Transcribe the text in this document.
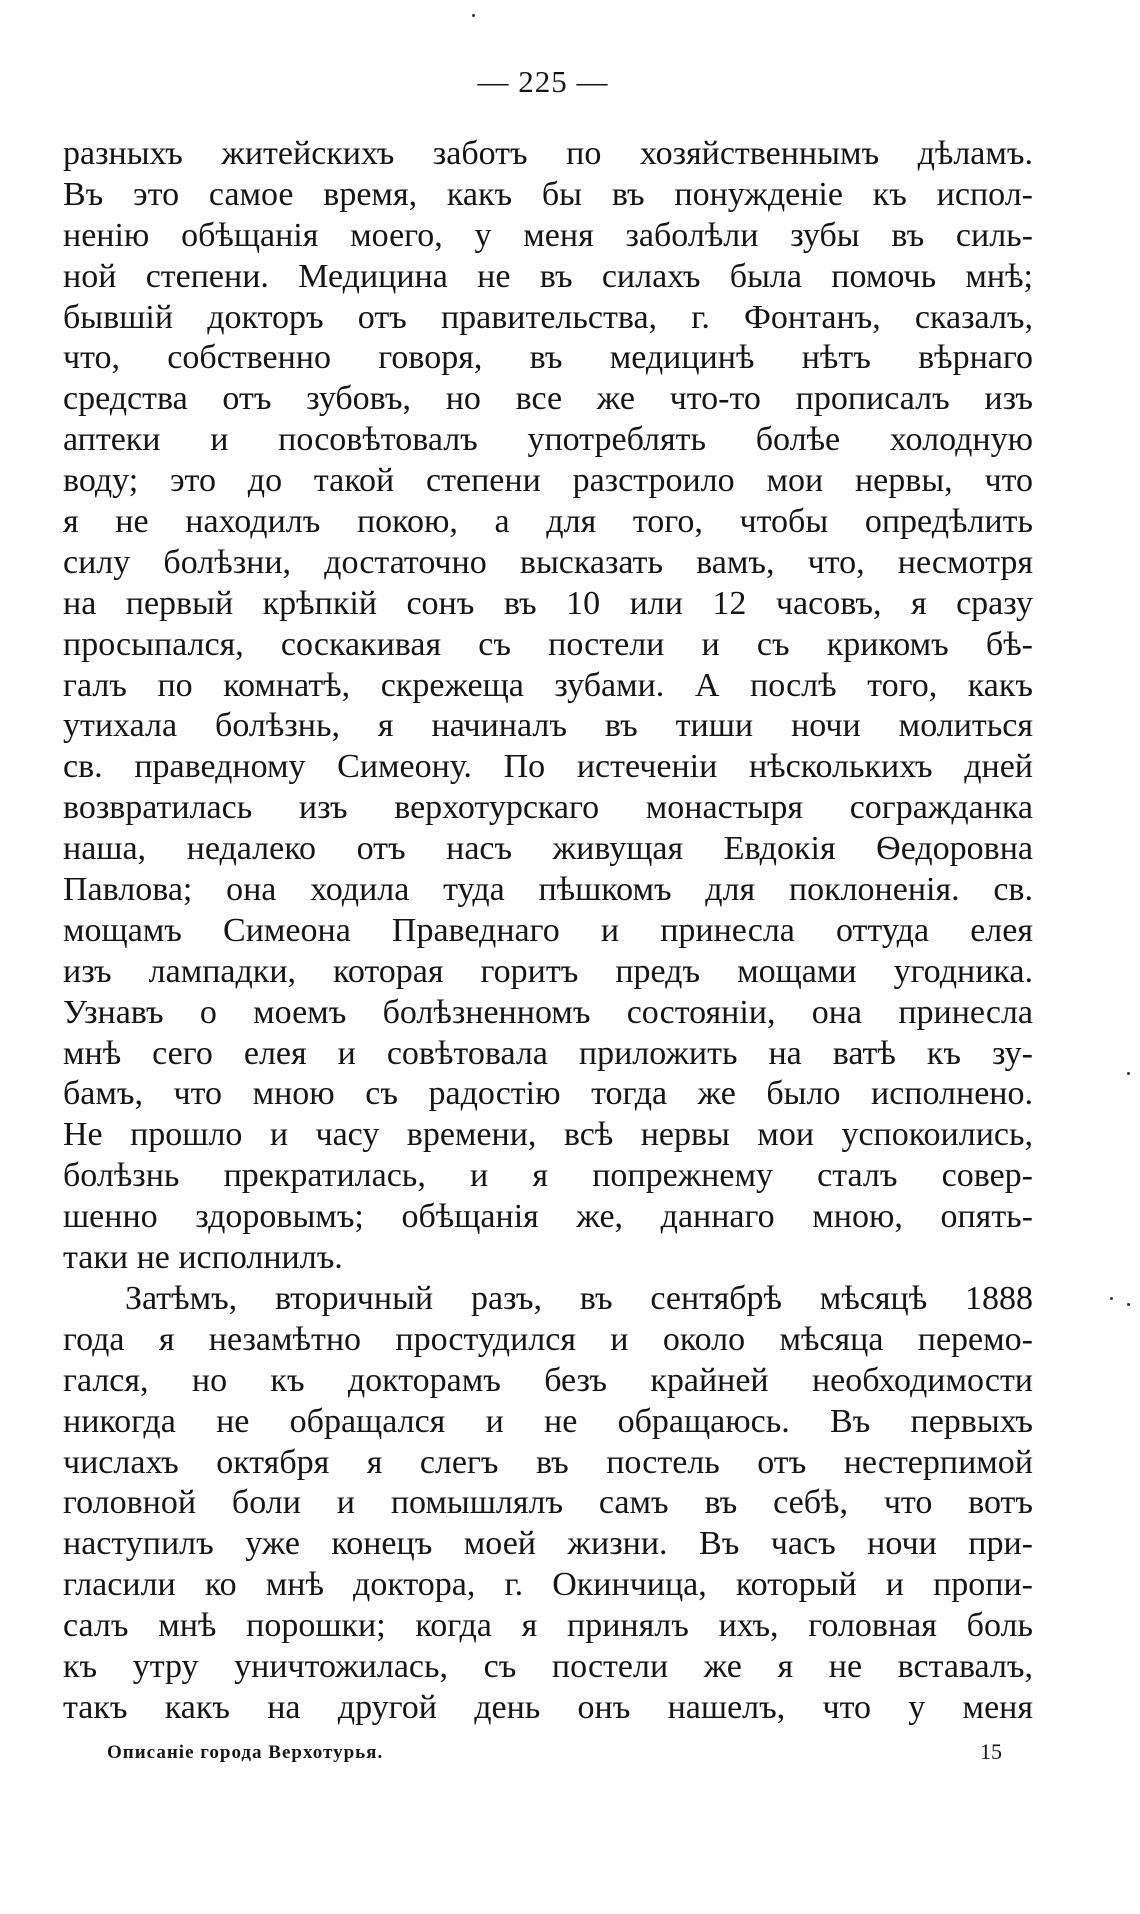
— 225 —
разныхъ житейскихъ заботъ по хозяйственнымъ дѣламъ.
Въ это самое время, какъ бы въ понужденіе къ испол-
ненію обѣщанія моего, у меня заболѣли зубы въ силь-
ной степени. Медицина не въ силахъ была помочь мнѣ;
бывшій докторъ отъ правительства, г. Фонтанъ, сказалъ,
что, собственно говоря, въ медицинѣ нѣтъ вѣрнаго
средства отъ зубовъ, но все же что-то прописалъ изъ
аптеки и посовѣтовалъ употреблять болѣе холодную
воду; это до такой степени разстроило мои нервы, что
я не находилъ покою, а для того, чтобы опредѣлить
силу болѣзни, достаточно высказать вамъ, что, несмотря
на первый крѣпкій сонъ въ 10 или 12 часовъ, я сразу
просыпался, соскакивая съ постели и съ крикомъ бѣ-
галъ по комнатѣ, скрежеща зубами. А послѣ того, какъ
утихала болѣзнь, я начиналъ въ тиши ночи молиться
св. праведному Симеону. По истеченіи нѣсколькихъ дней
возвратилась изъ верхотурскаго монастыря согражданка
наша, недалеко отъ насъ живущая Евдокія Ѳедоровна
Павлова; она ходила туда пѣшкомъ для поклоненія. св.
мощамъ Симеона Праведнаго и принесла оттуда елея
изъ лампадки, которая горитъ предъ мощами угодника.
Узнавъ о моемъ болѣзненномъ состояніи, она принесла
мнѣ сего елея и совѣтовала приложить на ватѣ къ зу-
бамъ, что мною съ радостію тогда же было исполнено.
Не прошло и часу времени, всѣ нервы мои успокоились,
болѣзнь прекратилась, и я попрежнему сталъ совер-
шенно здоровымъ; обѣщанія же, даннаго мною, опять-
таки не исполнилъ.
Затѣмъ, вторичный разъ, въ сентябрѣ мѣсяцѣ 1888
года я незамѣтно простудился и около мѣсяца перемо-
гался, но къ докторамъ безъ крайней необходимости
никогда не обращался и не обращаюсь. Въ первыхъ
числахъ октября я слегъ въ постель отъ нестерпимой
головной боли и помышлялъ самъ въ себѣ, что вотъ
наступилъ уже конецъ моей жизни. Въ часъ ночи при-
гласили ко мнѣ доктора, г. Окинчица, который и пропи-
салъ мнѣ порошки; когда я принялъ ихъ, головная боль
къ утру уничтожилась, съ постели же я не вставалъ,
такъ какъ на другой день онъ нашелъ, что у меня
Описаніе города Верхотурья.	15
